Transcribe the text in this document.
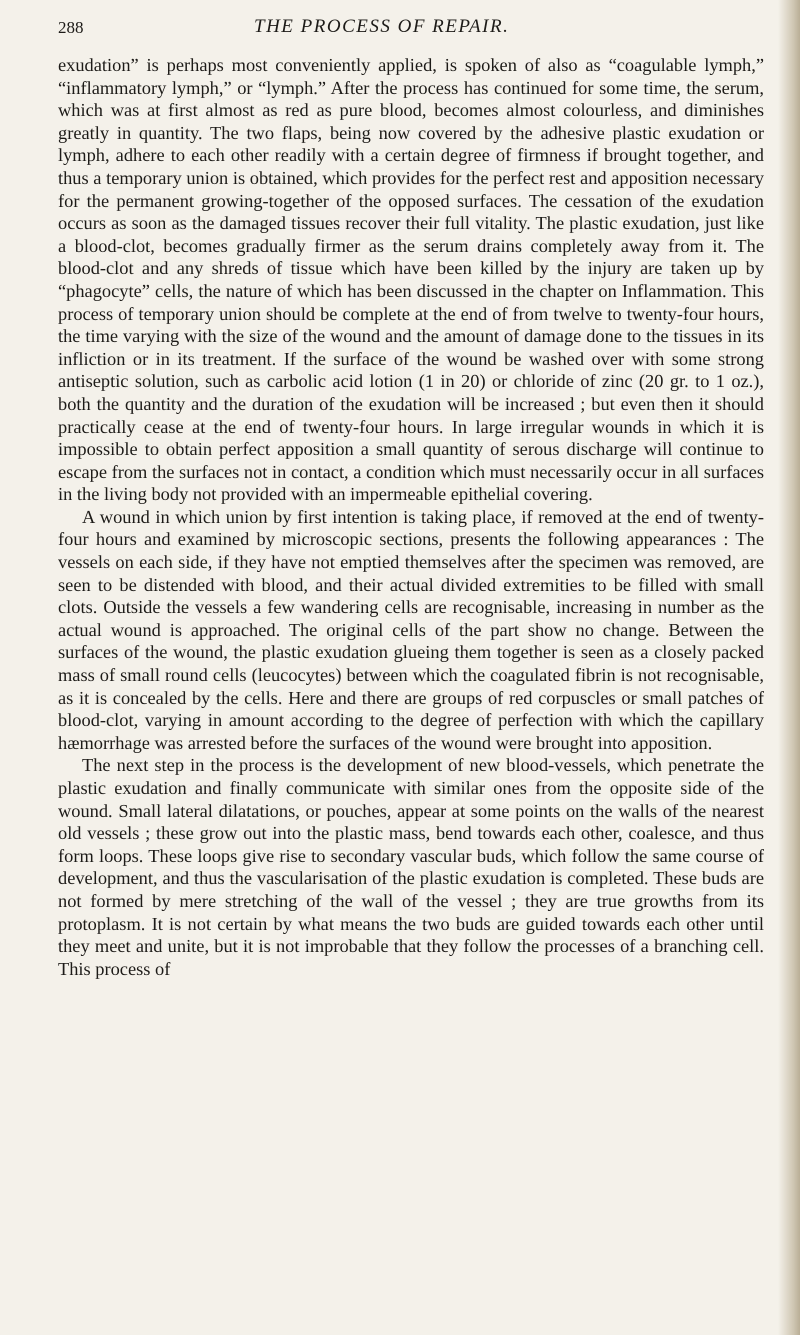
288	THE PROCESS OF REPAIR.

exudation” is perhaps most conveniently applied, is spoken of also as “coagulable lymph,” “inflammatory lymph,” or “lymph.” After the process has continued for some time, the serum, which was at first almost as red as pure blood, becomes almost colourless, and diminishes greatly in quantity. The two flaps, being now covered by the adhesive plastic exudation or lymph, adhere to each other readily with a certain degree of firmness if brought together, and thus a temporary union is obtained, which provides for the perfect rest and apposition necessary for the permanent growing-together of the opposed surfaces. The cessation of the exudation occurs as soon as the damaged tissues recover their full vitality. The plastic exudation, just like a blood-clot, becomes gradually firmer as the serum drains completely away from it. The blood-clot and any shreds of tissue which have been killed by the injury are taken up by “phagocyte” cells, the nature of which has been discussed in the chapter on Inflammation. This process of temporary union should be complete at the end of from twelve to twenty-four hours, the time varying with the size of the wound and the amount of damage done to the tissues in its infliction or in its treatment. If the surface of the wound be washed over with some strong antiseptic solution, such as carbolic acid lotion (1 in 20) or chloride of zinc (20 gr. to 1 oz.), both the quantity and the duration of the exudation will be increased ; but even then it should practically cease at the end of twenty-four hours. In large irregular wounds in which it is impossible to obtain perfect apposition a small quantity of serous discharge will continue to escape from the surfaces not in contact, a condition which must necessarily occur in all surfaces in the living body not provided with an impermeable epithelial covering.

A wound in which union by first intention is taking place, if removed at the end of twenty-four hours and examined by microscopic sections, presents the following appearances : The vessels on each side, if they have not emptied themselves after the specimen was removed, are seen to be distended with blood, and their actual divided extremities to be filled with small clots. Outside the vessels a few wandering cells are recognisable, increasing in number as the actual wound is approached. The original cells of the part show no change. Between the surfaces of the wound, the plastic exudation glueing them together is seen as a closely packed mass of small round cells (leucocytes) between which the coagulated fibrin is not recognisable, as it is concealed by the cells. Here and there are groups of red corpuscles or small patches of blood-clot, varying in amount according to the degree of perfection with which the capillary hæmorrhage was arrested before the surfaces of the wound were brought into apposition.

The next step in the process is the development of new blood-vessels, which penetrate the plastic exudation and finally communicate with similar ones from the opposite side of the wound. Small lateral dilatations, or pouches, appear at some points on the walls of the nearest old vessels ; these grow out into the plastic mass, bend towards each other, coalesce, and thus form loops. These loops give rise to secondary vascular buds, which follow the same course of development, and thus the vascularisation of the plastic exudation is completed. These buds are not formed by mere stretching of the wall of the vessel ; they are true growths from its protoplasm. It is not certain by what means the two buds are guided towards each other until they meet and unite, but it is not improbable that they follow the processes of a branching cell. This process of
